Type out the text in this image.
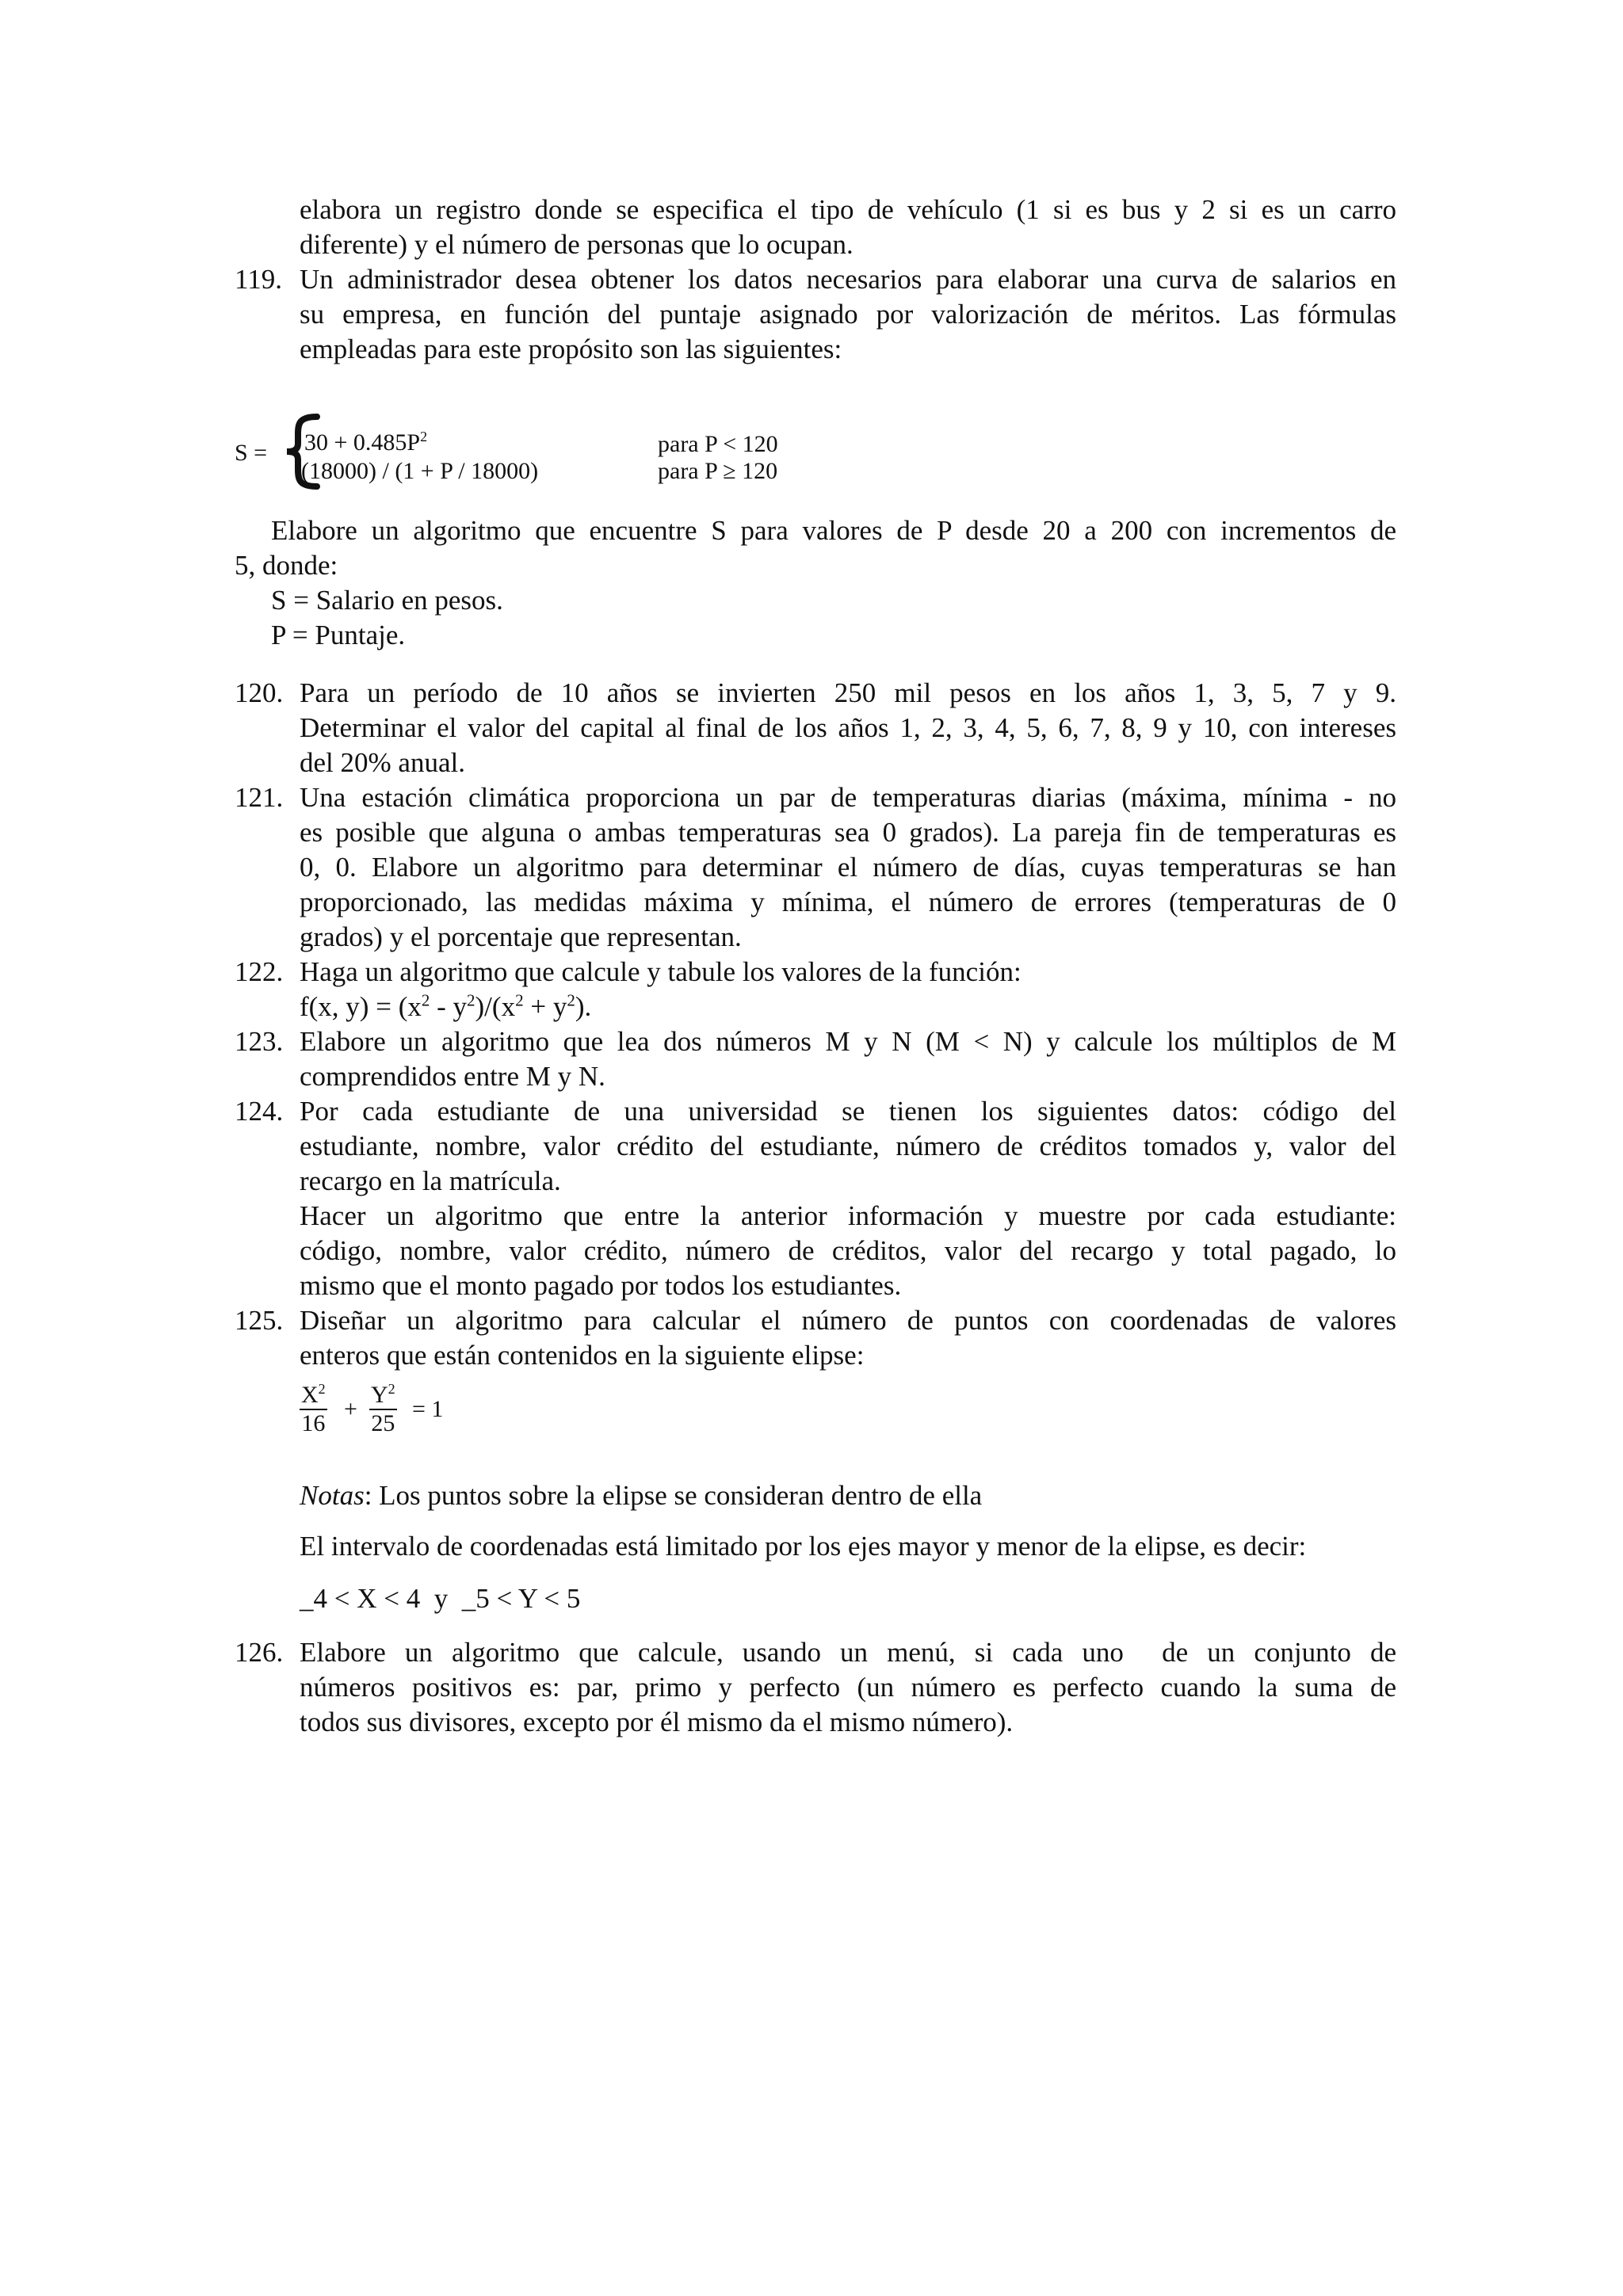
elabora un registro donde se especifica el tipo de vehículo (1 si es bus y 2 si es un carro
diferente) y el número de personas que lo ocupan.
119. Un administrador desea obtener los datos necesarios para elaborar una curva de salarios en
su empresa, en función del puntaje asignado por valorización de méritos. Las fórmulas
empleadas para este propósito son las siguientes:
$S = 30 + 0.485P^2$	para P < 120
(18000) / (1 + P / 18000)	para P ≥ 120
Elabore un algoritmo que encuentre S para valores de P desde 20 a 200 con incrementos de
5, donde:
S = Salario en pesos.
P = Puntaje.
120. Para un período de 10 años se invierten 250 mil pesos en los años 1, 3, 5, 7 y 9.
Determinar el valor del capital al final de los años 1, 2, 3, 4, 5, 6, 7, 8, 9 y 10, con intereses
del 20% anual.
121. Una estación climática proporciona un par de temperaturas diarias (máxima, mínima - no
es posible que alguna o ambas temperaturas sea 0 grados). La pareja fin de temperaturas es
0, 0. Elabore un algoritmo para determinar el número de días, cuyas temperaturas se han
proporcionado, las medidas máxima y mínima, el número de errores (temperaturas de 0
grados) y el porcentaje que representan.
122. Haga un algoritmo que calcule y tabule los valores de la función:
f(x, $y) = (x^2 - y^2)/(x^2 + y^2)$.
123. Elabore un algoritmo que lea dos números M y N (M < N) y calcule los múltiplos de M
comprendidos entre M y N.
124. Por cada estudiante de una universidad se tienen los siguientes datos: código del
estudiante, nombre, valor crédito del estudiante, número de créditos tomados y, valor del
recargo en la matrícula.
Hacer un algoritmo que entre la anterior información y muestre por cada estudiante:
código, nombre, valor crédito, número de créditos, valor del recargo y total pagado, lo
mismo que el monto pagado por todos los estudiantes.
125. Diseñar un algoritmo para calcular el número de puntos con coordenadas de valores
enteros que están contenidos en la siguiente elipse:
$\frac{X^2}{16} + \frac{Y^2}{25} = 1$
Notas: Los puntos sobre la elipse se consideran dentro de ella
El intervalo de coordenadas está limitado por los ejes mayor y menor de la elipse, es decir:
_4 < X < 4  y  _5 < Y < 5
126. Elabore un algoritmo que calcule, usando un menú, si cada uno  de un conjunto de
números positivos es: par, primo y perfecto (un número es perfecto cuando la suma de
todos sus divisores, excepto por él mismo da el mismo número).
